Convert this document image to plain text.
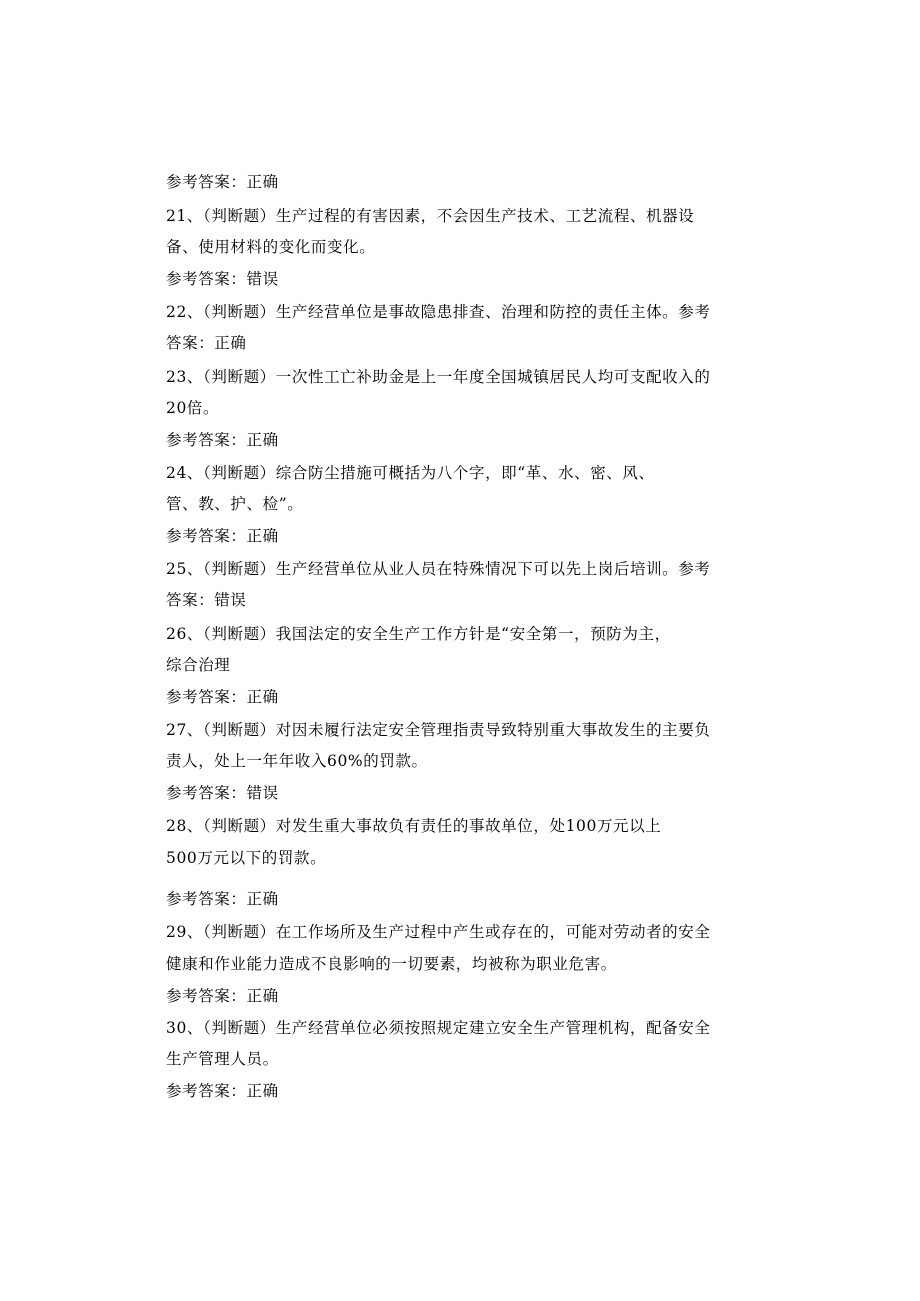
参考答案：正确
21、（判断题）生产过程的有害因素，不会因生产技术、工艺流程、机器设
备、使用材料的变化而变化。
参考答案：错误
22、（判断题）生产经营单位是事故隐患排查、治理和防控的责任主体。参考
答案：正确
23、（判断题）一次性工亡补助金是上一年度全国城镇居民人均可支配收入的
20倍。
参考答案：正确
24、（判断题）综合防尘措施可概括为八个字，即“革、水、密、风、
管、教、护、检”。
参考答案：正确
25、（判断题）生产经营单位从业人员在特殊情况下可以先上岗后培训。参考
答案：错误
26、（判断题）我国法定的安全生产工作方针是“安全第一，预防为主，
综合治理
参考答案：正确
27、（判断题）对因未履行法定安全管理指责导致特别重大事故发生的主要负
责人，处上一年年收入60%的罚款。
参考答案：错误
28、（判断题）对发生重大事故负有责任的事故单位，处100万元以上
500万元以下的罚款。
参考答案：正确
29、（判断题）在工作场所及生产过程中产生或存在的，可能对劳动者的安全
健康和作业能力造成不良影响的一切要素，均被称为职业危害。
参考答案：正确
30、（判断题）生产经营单位必须按照规定建立安全生产管理机构，配备安全
生产管理人员。
参考答案：正确
